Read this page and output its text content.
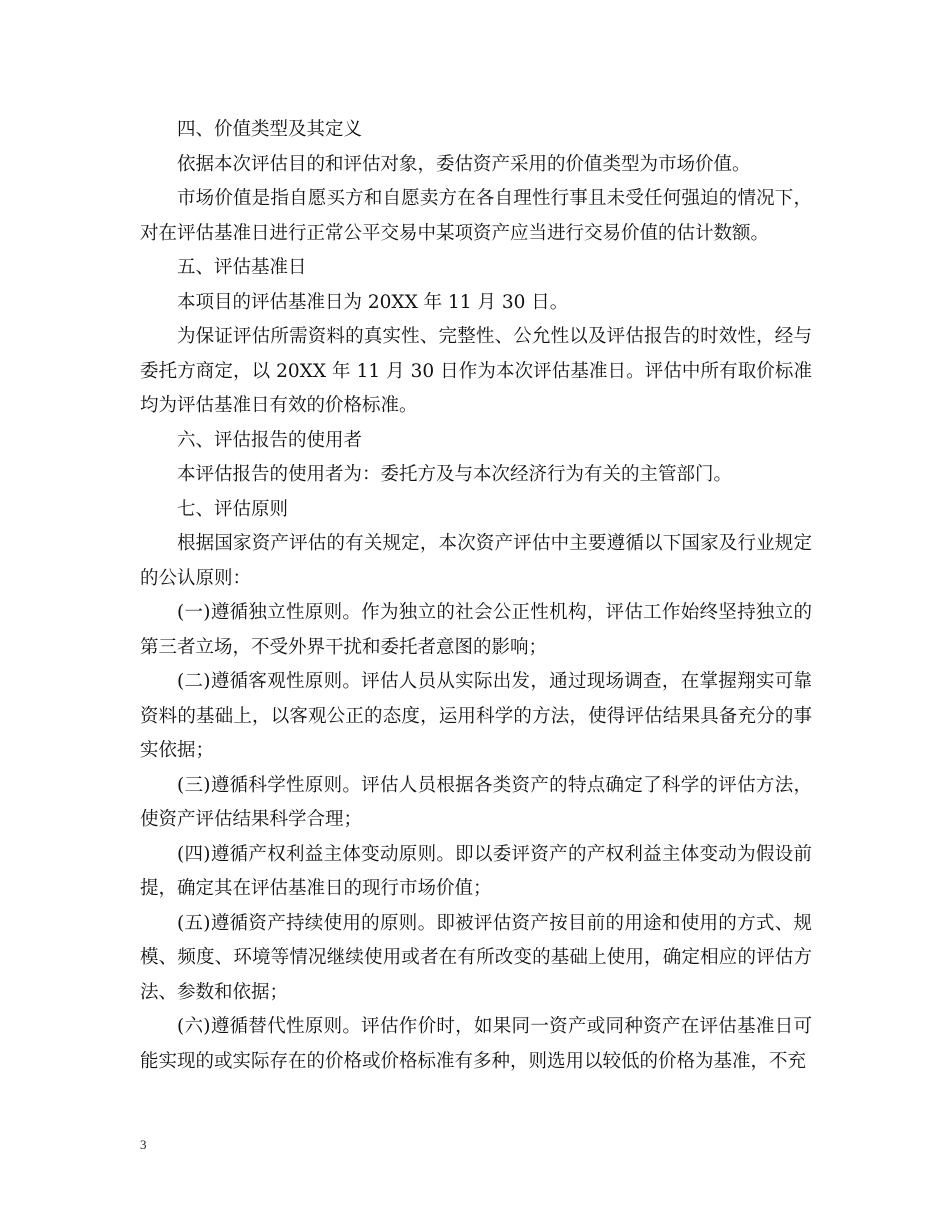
四、价值类型及其定义

依据本次评估目的和评估对象，委估资产采用的价值类型为市场价值。

市场价值是指自愿买方和自愿卖方在各自理性行事且未受任何强迫的情况下，对在评估基准日进行正常公平交易中某项资产应当进行交易价值的估计数额。

五、评估基准日

本项目的评估基准日为 20XX 年 11 月 30 日。

为保证评估所需资料的真实性、完整性、公允性以及评估报告的时效性，经与委托方商定，以 20XX 年 11 月 30 日作为本次评估基准日。评估中所有取价标准均为评估基准日有效的价格标准。

六、评估报告的使用者

本评估报告的使用者为：委托方及与本次经济行为有关的主管部门。

七、评估原则

根据国家资产评估的有关规定，本次资产评估中主要遵循以下国家及行业规定的公认原则：

(一)遵循独立性原则。作为独立的社会公正性机构，评估工作始终坚持独立的第三者立场，不受外界干扰和委托者意图的影响；

(二)遵循客观性原则。评估人员从实际出发，通过现场调查，在掌握翔实可靠资料的基础上，以客观公正的态度，运用科学的方法，使得评估结果具备充分的事实依据；

(三)遵循科学性原则。评估人员根据各类资产的特点确定了科学的评估方法，使资产评估结果科学合理；

(四)遵循产权利益主体变动原则。即以委评资产的产权利益主体变动为假设前提，确定其在评估基准日的现行市场价值；

(五)遵循资产持续使用的原则。即被评估资产按目前的用途和使用的方式、规模、频度、环境等情况继续使用或者在有所改变的基础上使用，确定相应的评估方法、参数和依据；

(六)遵循替代性原则。评估作价时，如果同一资产或同种资产在评估基准日可能实现的或实际存在的价格或价格标准有多种，则选用以较低的价格为基准，不充

3
